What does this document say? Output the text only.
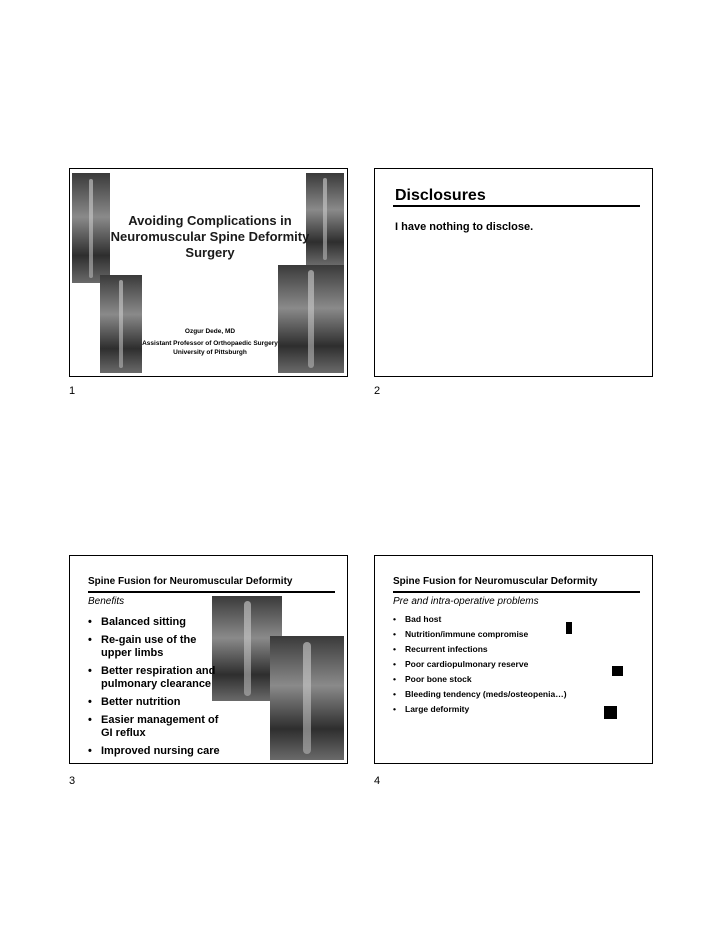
Avoiding Complications in Neuromuscular Spine Deformity Surgery
Ozgur Dede, MD
Assistant Professor of Orthopaedic Surgery
University of Pittsburgh
1
Disclosures
I have nothing to disclose.
2
Spine Fusion for Neuromuscular Deformity
Benefits
• Balanced sitting
• Re-gain use of the upper limbs
• Better respiration and pulmonary clearance
• Better nutrition
• Easier management of GI reflux
• Improved nursing care
3
Spine Fusion for Neuromuscular Deformity
Pre and intra-operative problems
• Bad host
• Nutrition/immune compromise
• Recurrent infections
• Poor cardiopulmonary reserve
• Poor bone stock
• Bleeding tendency (meds/osteopenia…)
• Large deformity
4
